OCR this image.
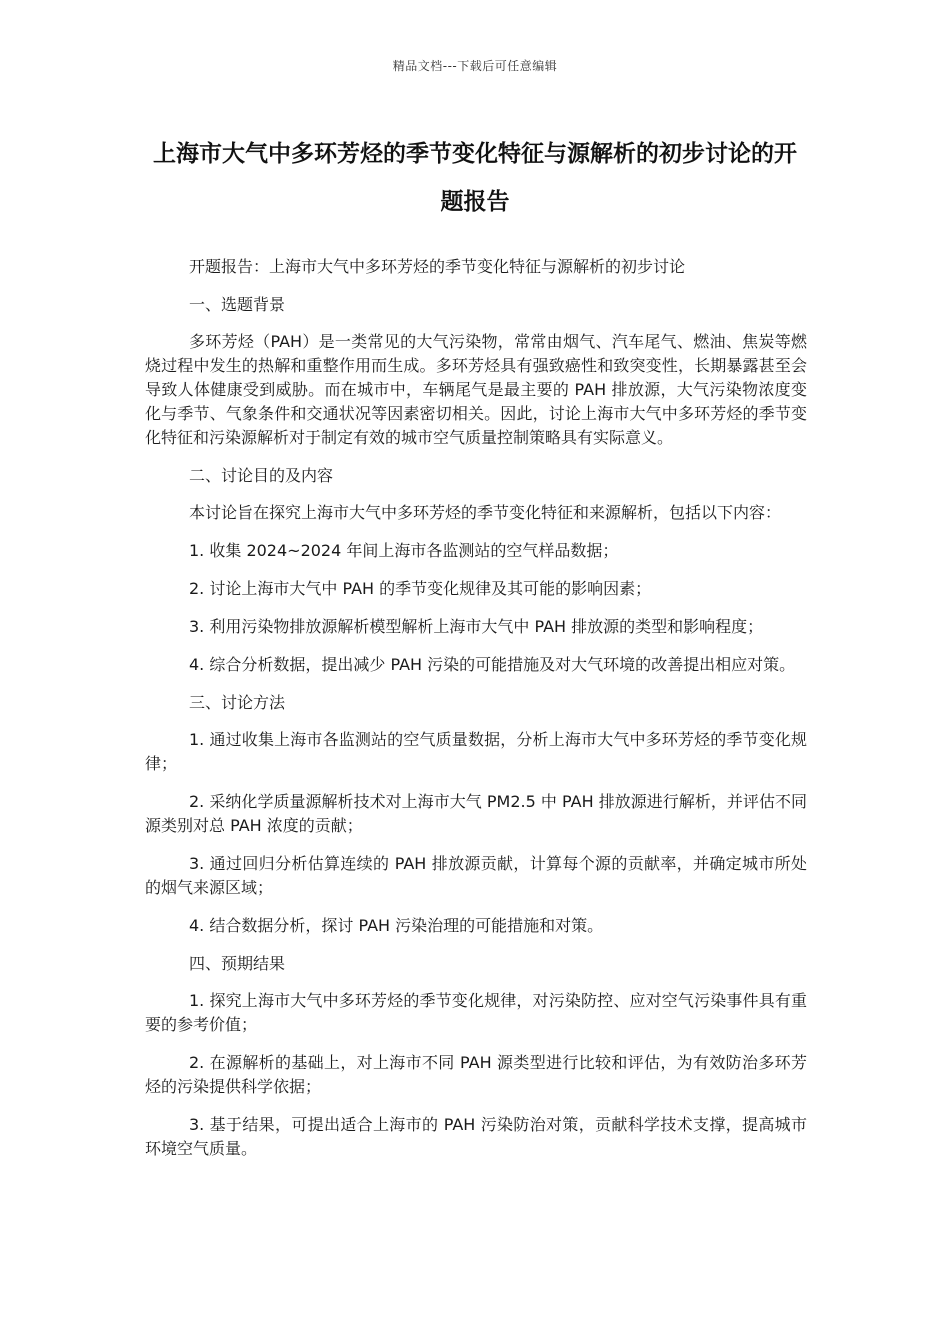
精品文档---下载后可任意编辑
上海市大气中多环芳烃的季节变化特征与源解析的初步讨论的开题报告

开题报告：上海市大气中多环芳烃的季节变化特征与源解析的初步讨论

一、选题背景

多环芳烃（PAH）是一类常见的大气污染物，常常由烟气、汽车尾气、燃油、焦炭等燃烧过程中发生的热解和重整作用而生成。多环芳烃具有强致癌性和致突变性，长期暴露甚至会导致人体健康受到威胁。而在城市中，车辆尾气是最主要的 PAH 排放源，大气污染物浓度变化与季节、气象条件和交通状况等因素密切相关。因此，讨论上海市大气中多环芳烃的季节变化特征和污染源解析对于制定有效的城市空气质量控制策略具有实际意义。

二、讨论目的及内容

本讨论旨在探究上海市大气中多环芳烃的季节变化特征和来源解析，包括以下内容：

1. 收集 2024~2024 年间上海市各监测站的空气样品数据；

2. 讨论上海市大气中 PAH 的季节变化规律及其可能的影响因素；

3. 利用污染物排放源解析模型解析上海市大气中 PAH 排放源的类型和影响程度；

4. 综合分析数据，提出减少 PAH 污染的可能措施及对大气环境的改善提出相应对策。

三、讨论方法

1. 通过收集上海市各监测站的空气质量数据，分析上海市大气中多环芳烃的季节变化规律；

2. 采纳化学质量源解析技术对上海市大气 PM2.5 中 PAH 排放源进行解析，并评估不同源类别对总 PAH 浓度的贡献；

3. 通过回归分析估算连续的 PAH 排放源贡献，计算每个源的贡献率，并确定城市所处的烟气来源区域；

4. 结合数据分析，探讨 PAH 污染治理的可能措施和对策。

四、预期结果

1. 探究上海市大气中多环芳烃的季节变化规律，对污染防控、应对空气污染事件具有重要的参考价值；

2. 在源解析的基础上，对上海市不同 PAH 源类型进行比较和评估，为有效防治多环芳烃的污染提供科学依据；

3. 基于结果，可提出适合上海市的 PAH 污染防治对策，贡献科学技术支撑，提高城市环境空气质量。
